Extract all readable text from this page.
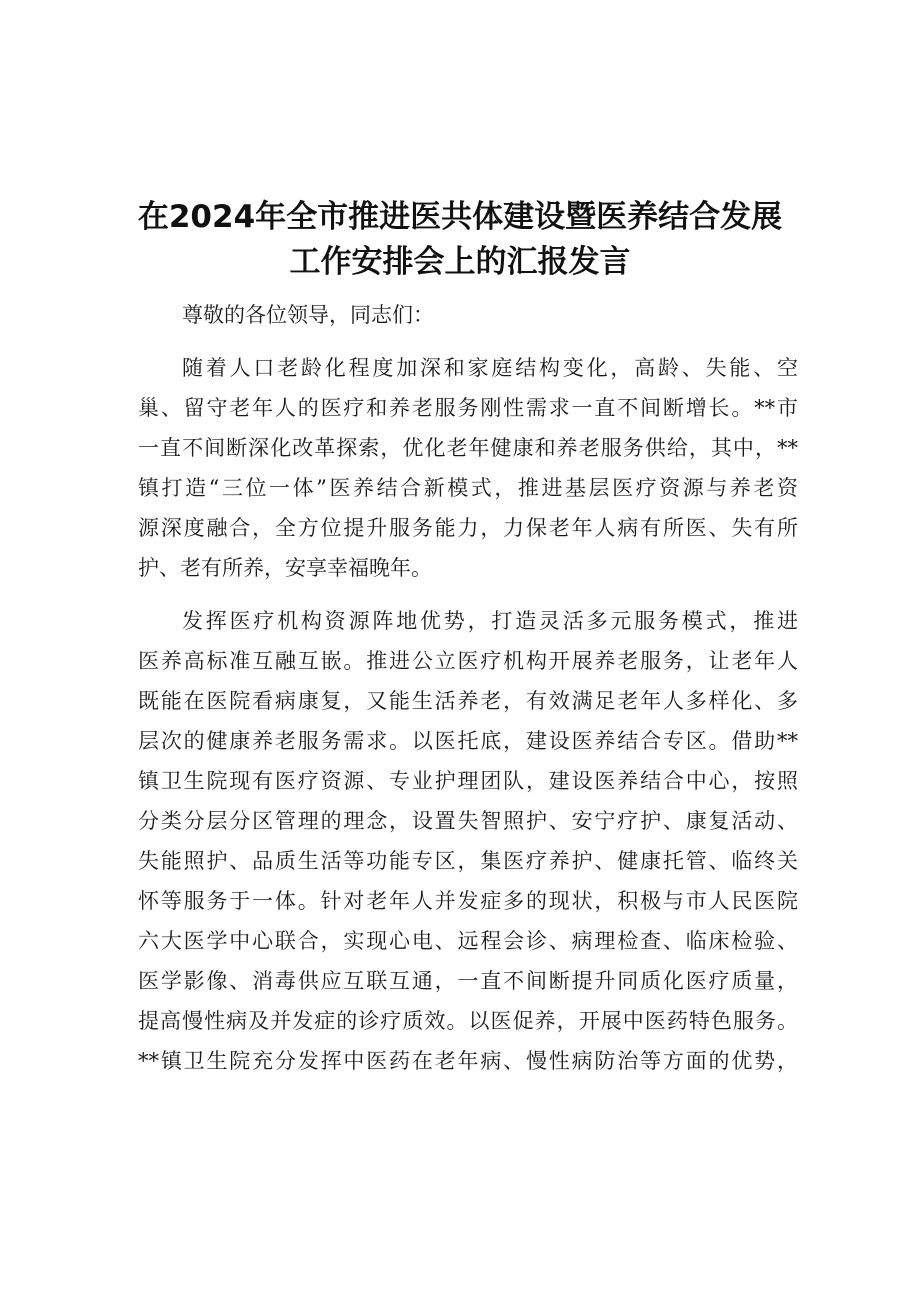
在2024年全市推进医共体建设暨医养结合发展
工作安排会上的汇报发言
尊敬的各位领导，同志们：
随着人口老龄化程度加深和家庭结构变化，高龄、失能、空
巢、留守老年人的医疗和养老服务刚性需求一直不间断增长。**市
一直不间断深化改革探索，优化老年健康和养老服务供给，其中，**
镇打造“三位一体”医养结合新模式，推进基层医疗资源与养老资
源深度融合，全方位提升服务能力，力保老年人病有所医、失有所
护、老有所养，安享幸福晚年。
发挥医疗机构资源阵地优势，打造灵活多元服务模式，推进
医养高标准互融互嵌。推进公立医疗机构开展养老服务，让老年人
既能在医院看病康复，又能生活养老，有效满足老年人多样化、多
层次的健康养老服务需求。以医托底，建设医养结合专区。借助**
镇卫生院现有医疗资源、专业护理团队，建设医养结合中心，按照
分类分层分区管理的理念，设置失智照护、安宁疗护、康复活动、
失能照护、品质生活等功能专区，集医疗养护、健康托管、临终关
怀等服务于一体。针对老年人并发症多的现状，积极与市人民医院
六大医学中心联合，实现心电、远程会诊、病理检查、临床检验、
医学影像、消毒供应互联互通，一直不间断提升同质化医疗质量，
提高慢性病及并发症的诊疗质效。以医促养，开展中医药特色服务。
**镇卫生院充分发挥中医药在老年病、慢性病防治等方面的优势，
